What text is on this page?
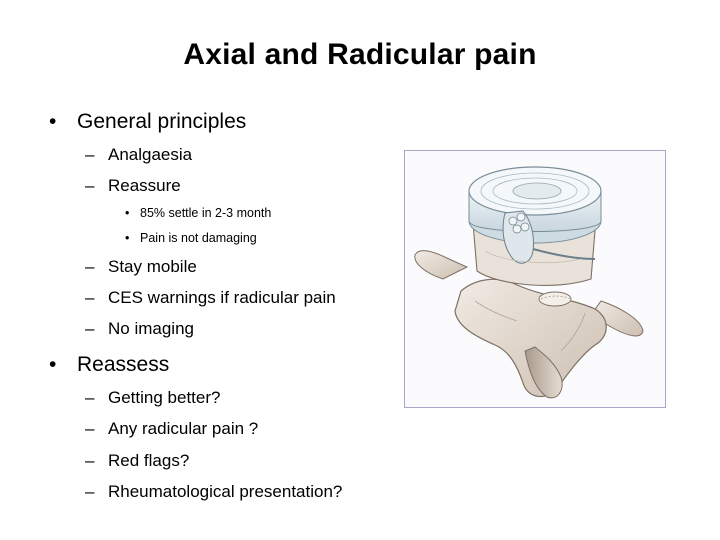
Axial and Radicular pain
• General principles
– Analgaesia
– Reassure
• 85% settle in 2-3 month
• Pain is not damaging
– Stay mobile
– CES warnings if radicular pain
– No imaging
• Reassess
– Getting better?
– Any radicular pain ?
– Red flags?
– Rheumatological presentation?
